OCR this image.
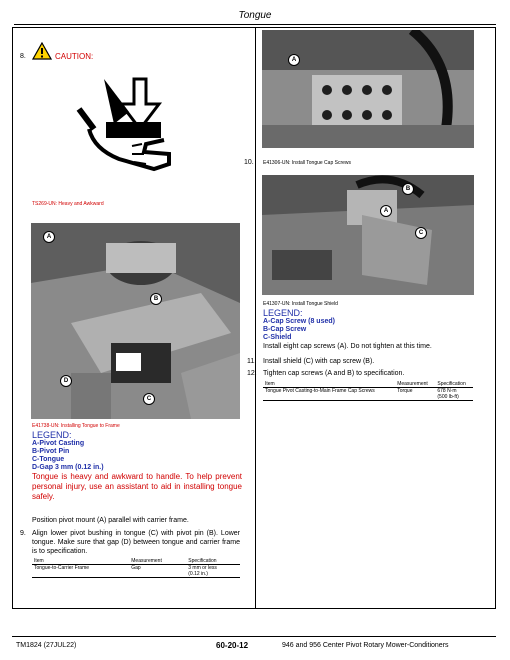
Tongue
8.	CAUTION:
TS269-UN: Heavy and Awkward
A
B
C
D
E41738-UN: Installing Tongue to Frame
LEGEND:
A-Pivot Casting
B-Pivot Pin
C-Tongue
D-Gap 3 mm (0.12 in.)
Tongue is heavy and awkward to handle. To help prevent personal injury, use an assistant to aid in installing tongue safely.
Position pivot mount (A) parallel with carrier frame.
9. Align lower pivot bushing in tongue (C) with pivot pin (B). Lower tongue. Make sure that gap (D) between tongue and carrier frame is to specification.
Item	Measurement	Specification
Tongue-to-Carrier Frame	Gap	3 mm or less
(0.12 in.)
A
10. E41306-UN: Install Tongue Cap Screws
B
A
C
E41307-UN: Install Tongue Shield
LEGEND:
A-Cap Screw (8 used)
B-Cap Screw
C-Shield
Install eight cap screws (A). Do not tighten at this time.
11. Install shield (C) with cap screw (B).
12. Tighten cap screws (A and B) to specification.
Item	Measurement	Specification
Tongue Pivot Casting-to-Main Frame Cap Screws	Torque	678 N·m
(500 lb-ft)
TM1824 (27JUL22)	60-20-12	946 and 956 Center Pivot Rotary Mower-Conditioners
